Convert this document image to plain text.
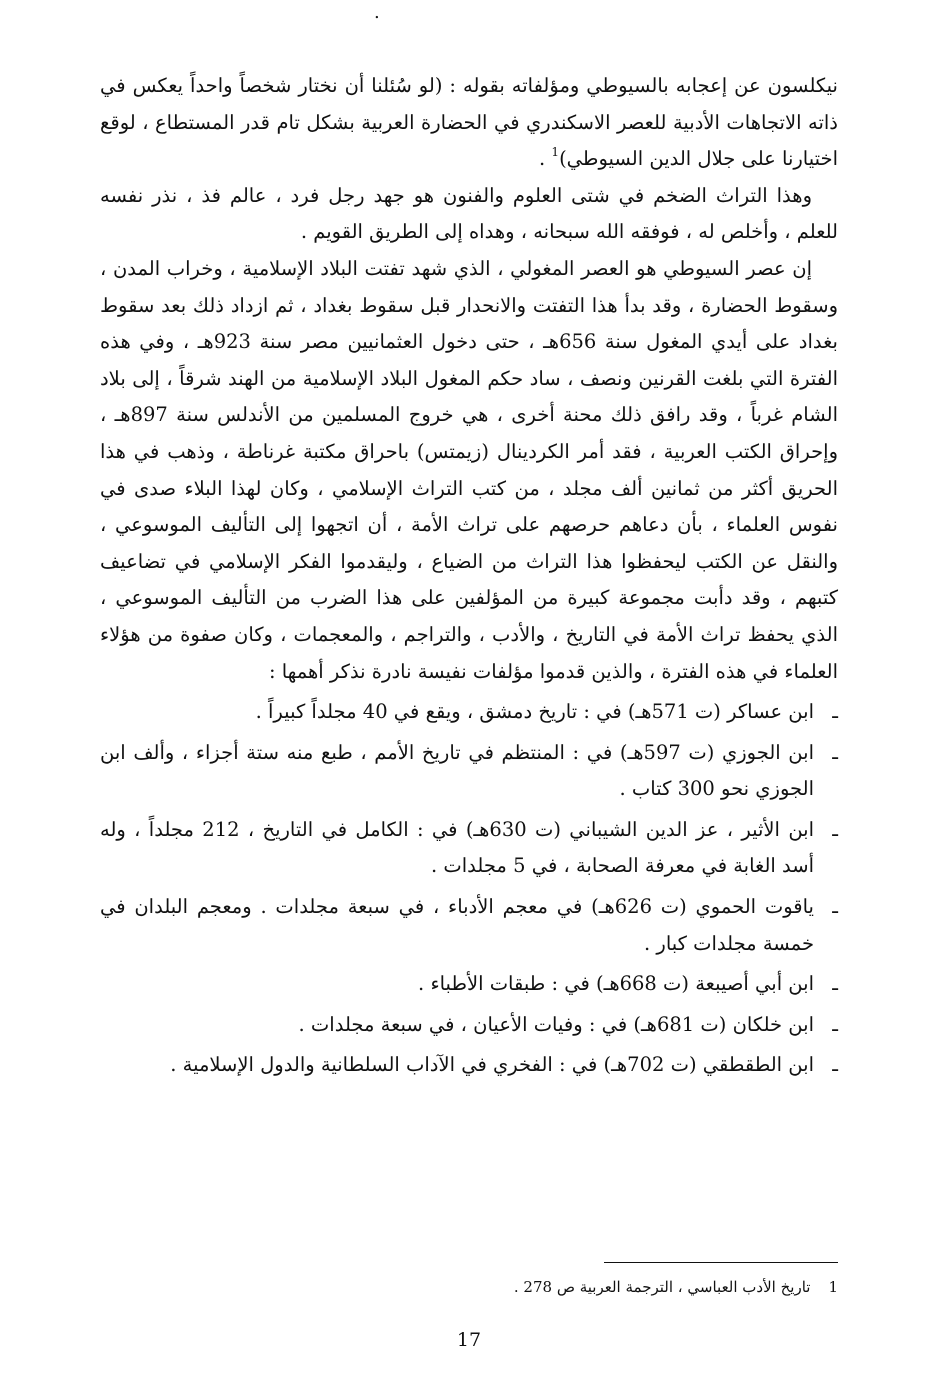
.

نيكلسون عن إعجابه بالسيوطي ومؤلفاته بقوله : (لو سُئلنا أن نختار شخصاً واحداً يعكس في ذاته الاتجاهات الأدبية للعصر الاسكندري في الحضارة العربية بشكل تام قدر المستطاع ، لوقع اختيارنا على جلال الدين السيوطي)$^1$ .

وهذا التراث الضخم في شتى العلوم والفنون هو جهد رجل فرد ، عالم فذ ، نذر نفسه للعلم ، وأخلص له ، فوفقه الله سبحانه ، وهداه إلى الطريق القويم .

إن عصر السيوطي هو العصر المغولي ، الذي شهد تفتت البلاد الإسلامية ، وخراب المدن ، وسقوط الحضارة ، وقد بدأ هذا التفتت والانحدار قبل سقوط بغداد ، ثم ازداد ذلك بعد سقوط بغداد على أيدي المغول سنة 656هـ ، حتى دخول العثمانيين مصر سنة 923هـ ، وفي هذه الفترة التي بلغت القرنين ونصف ، ساد حكم المغول البلاد الإسلامية من الهند شرقاً ، إلى بلاد الشام غرباً ، وقد رافق ذلك محنة أخرى ، هي خروج المسلمين من الأندلس سنة 897هـ ، وإحراق الكتب العربية ، فقد أمر الكردينال (زيمتس) باحراق مكتبة غرناطة ، وذهب في هذا الحريق أكثر من ثمانين ألف مجلد ، من كتب التراث الإسلامي ، وكان لهذا البلاء صدى في نفوس العلماء ، بأن دعاهم حرصهم على تراث الأمة ، أن اتجهوا إلى التأليف الموسوعي ، والنقل عن الكتب ليحفظوا هذا التراث من الضياع ، وليقدموا الفكر الإسلامي في تضاعيف كتبهم ، وقد دأبت مجموعة كبيرة من المؤلفين على هذا الضرب من التأليف الموسوعي ، الذي يحفظ تراث الأمة في التاريخ ، والأدب ، والتراجم ، والمعجمات ، وكان صفوة من هؤلاء العلماء في هذه الفترة ، والذين قدموا مؤلفات نفيسة نادرة نذكر أهمها :

ـ
ابن عساكر (ت 571هـ) في : تاريخ دمشق ، ويقع في 40 مجلداً كبيراً .
ـ
ابن الجوزي (ت 597هـ) في : المنتظم في تاريخ الأمم ، طبع منه ستة أجزاء ، وألف ابن الجوزي نحو 300 كتاب .
ـ
ابن الأثير ، عز الدين الشيباني (ت 630هـ) في : الكامل في التاريخ ، 212 مجلداً ، وله أسد الغابة في معرفة الصحابة ، في 5 مجلدات .
ـ
ياقوت الحموي (ت 626هـ) في معجم الأدباء ، في سبعة مجلدات . ومعجم البلدان في خمسة مجلدات كبار .
ـ
ابن أبي أصيبعة (ت 668هـ) في : طبقات الأطباء .
ـ
ابن خلكان (ت 681هـ) في : وفيات الأعيان ، في سبعة مجلدات .
ـ
ابن الطقطقي (ت 702هـ) في : الفخري في الآداب السلطانية والدول الإسلامية .
1تاريخ الأدب العباسي ، الترجمة العربية ص 278 .
17
